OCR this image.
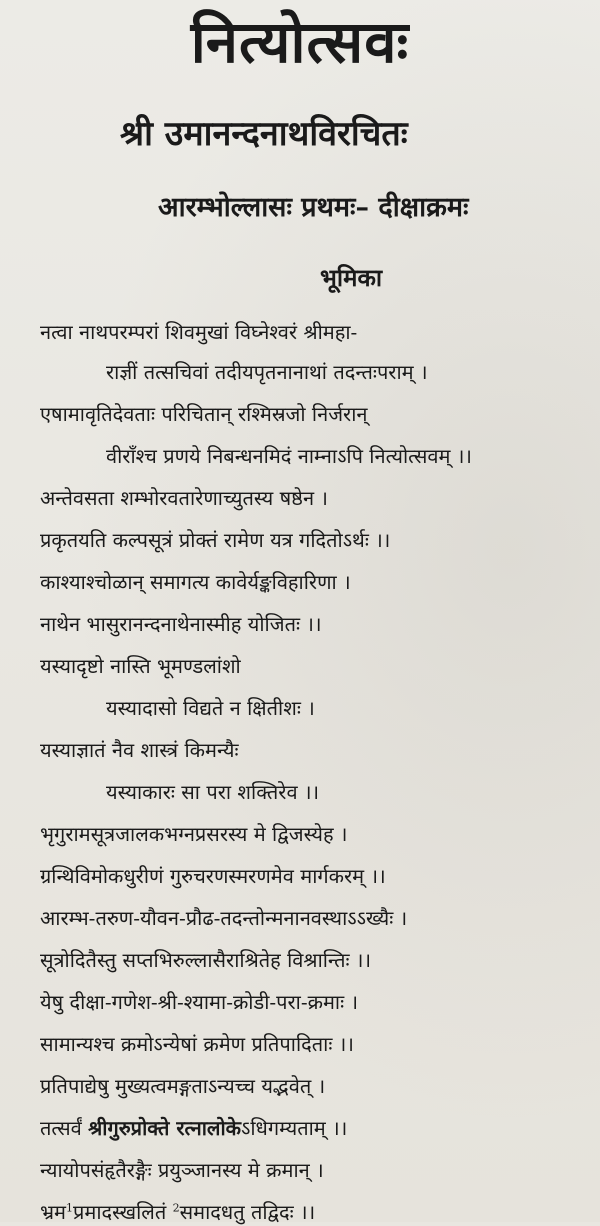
नित्योत्सवः
श्री उमानन्दनाथविरचितः
आरम्भोल्लासः प्रथमः– दीक्षाक्रमः
भूमिका
नत्वा नाथपरम्परां शिवमुखां विघ्नेश्वरं श्रीमहा-
राज्ञीं तत्सचिवां तदीयपृतनानाथां तदन्तःपराम् ।
एषामावृतिदेवताः परिचितान् रश्मिस्रजो निर्जरान्
वीराँश्च प्रणये निबन्धनमिदं नाम्नाऽपि नित्योत्सवम् ।।
अन्तेवसता शम्भोरवतारेणाच्युतस्य षष्ठेन ।
प्रकृतयति कल्पसूत्रं प्रोक्तं रामेण यत्र गदितोऽर्थः ।।
काश्याश्चोळान् समागत्य कावेर्यङ्कविहारिणा ।
नाथेन भासुरानन्दनाथेनास्मीह योजितः ।।
यस्यादृष्टो नास्ति भूमण्डलांशो
यस्यादासो विद्यते न क्षितीशः ।
यस्याज्ञातं नैव शास्त्रं किमन्यैः
यस्याकारः सा परा शक्तिरेव ।।
भृगुरामसूत्रजालकभग्नप्रसरस्य मे द्विजस्येह ।
ग्रन्थिविमोकधुरीणं गुरुचरणस्मरणमेव मार्गकरम् ।।
आरम्भ-तरुण-यौवन-प्रौढ-तदन्तोन्मनानवस्थाऽऽख्यैः ।
सूत्रोदितैस्तु सप्तभिरुल्लासैराश्रितेह विश्रान्तिः ।।
येषु दीक्षा-गणेश-श्री-श्यामा-क्रोडी-परा-क्रमाः ।
सामान्यश्च क्रमोऽन्येषां क्रमेण प्रतिपादिताः ।।
प्रतिपाद्येषु मुख्यत्वमङ्गताऽन्यच्च यद्भवेत् ।
तत्सर्वं श्रीगुरुप्रोक्ते रत्नालोकेऽधिगम्यताम् ।।
न्यायोपसंहृतैरङ्गैः प्रयुञ्जानस्य मे क्रमान् ।
भ्रम$^1$प्रमादस्खलितं $^2$समादधतु तद्विदः ।।
